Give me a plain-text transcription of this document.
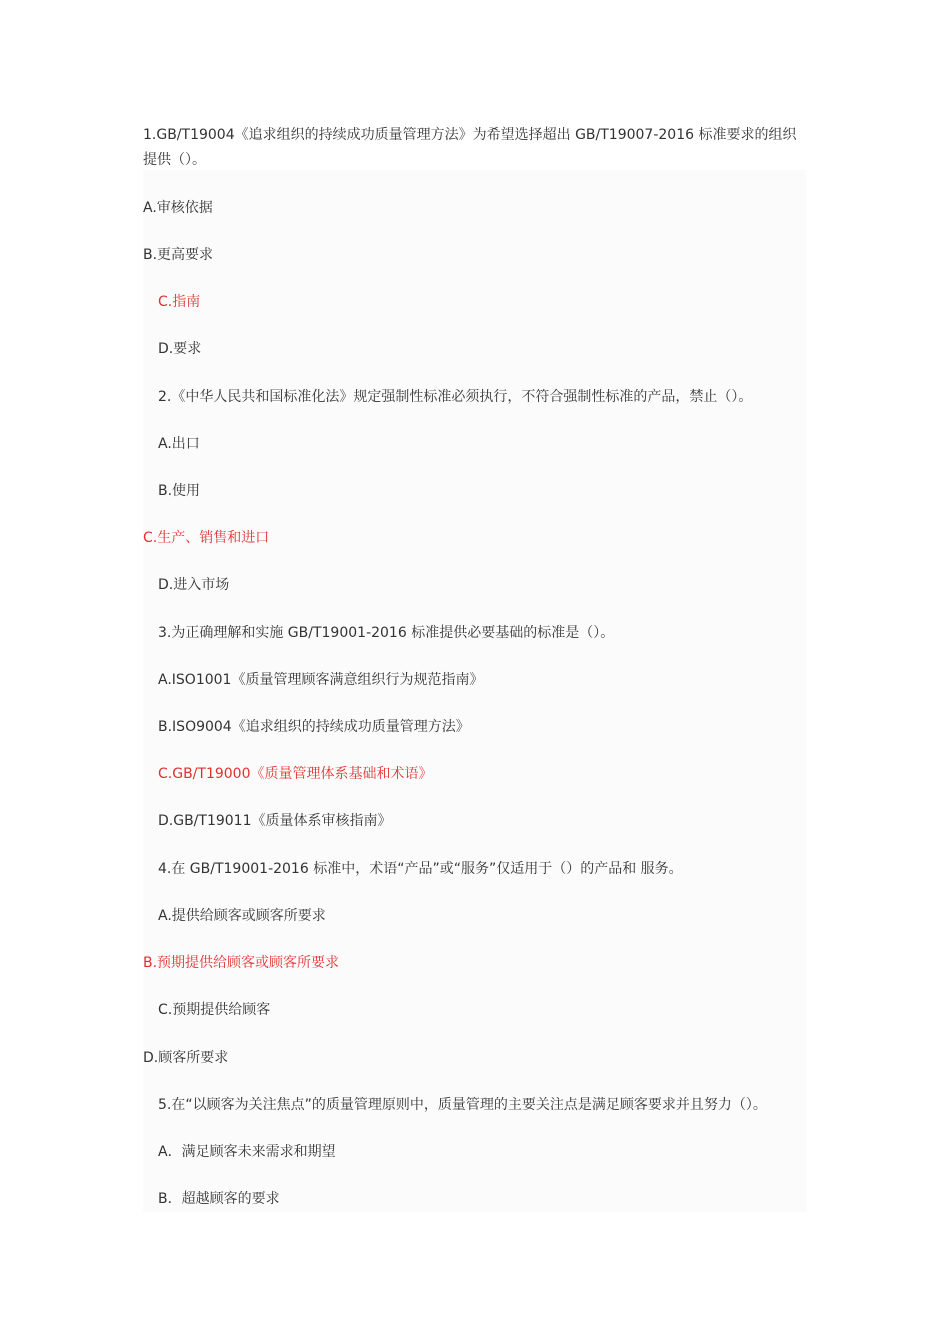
1.GB/T19004《追求组织的持续成功质量管理方法》为希望选择超出 GB/T19007-2016 标准要求的组织提供（）。
A.审核依据
B.更高要求
C.指南
D.要求
2.《中华人民共和国标准化法》规定强制性标准必须执行，不符合强制性标准的产品，禁止（）。
A.出口
B.使用
C.生产、销售和进口
D.进入市场
3.为正确理解和实施 GB/T19001-2016 标准提供必要基础的标准是（）。
A.ISO1001《质量管理顾客满意组织行为规范指南》
B.ISO9004《追求组织的持续成功质量管理方法》
C.GB/T19000《质量管理体系基础和术语》
D.GB/T19011《质量体系审核指南》
4.在 GB/T19001-2016 标准中，术语“产品”或“服务”仅适用于（）的产品和 服务。
A.提供给顾客或顾客所要求
B.预期提供给顾客或顾客所要求
C.预期提供给顾客
D.顾客所要求
5.在“以顾客为关注焦点”的质量管理原则中，质量管理的主要关注点是满足顾客要求并且努力（）。
A．满足顾客未来需求和期望
B．超越顾客的要求
